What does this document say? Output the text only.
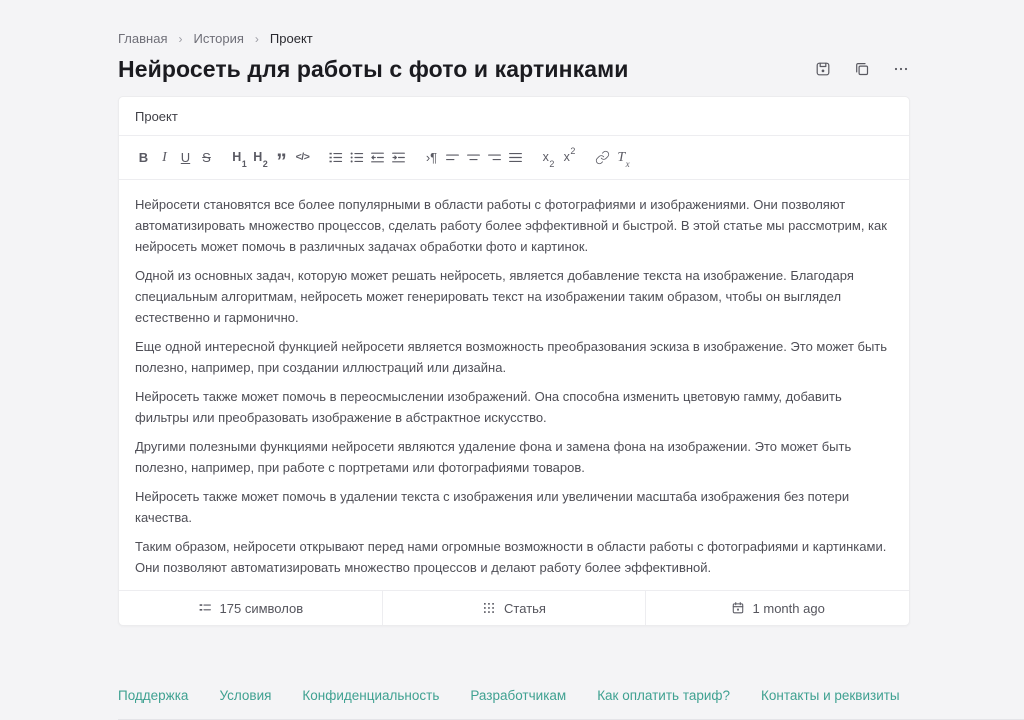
Главная › История › Проект
Нейросеть для работы с фото и картинками
Проект
B I U S H 1 H 2 ” </>	›¶	x 2 x 2	T x

Нейросети становятся все более популярными в области работы с фотографиями и изображениями. Они позволяют автоматизировать множество процессов, сделать работу более эффективной и быстрой. В этой статье мы рассмотрим, как нейросеть может помочь в различных задачах обработки фото и картинок.

Одной из основных задач, которую может решать нейросеть, является добавление текста на изображение. Благодаря специальным алгоритмам, нейросеть может генерировать текст на изображении таким образом, чтобы он выглядел естественно и гармонично.

Еще одной интересной функцией нейросети является возможность преобразования эскиза в изображение. Это может быть полезно, например, при создании иллюстраций или дизайна.

Нейросеть также может помочь в переосмыслении изображений. Она способна изменить цветовую гамму, добавить фильтры или преобразовать изображение в абстрактное искусство.

Другими полезными функциями нейросети являются удаление фона и замена фона на изображении. Это может быть полезно, например, при работе с портретами или фотографиями товаров.

Нейросеть также может помочь в удалении текста с изображения или увеличении масштаба изображения без потери качества.

Таким образом, нейросети открывают перед нами огромные возможности в области работы с фотографиями и картинками. Они позволяют автоматизировать множество процессов и делают работу более эффективной.

175 символов	Статья	1 month ago
Поддержка Условия Конфиденциальность Разработчикам Как оплатить тариф? Контакты и реквизиты
